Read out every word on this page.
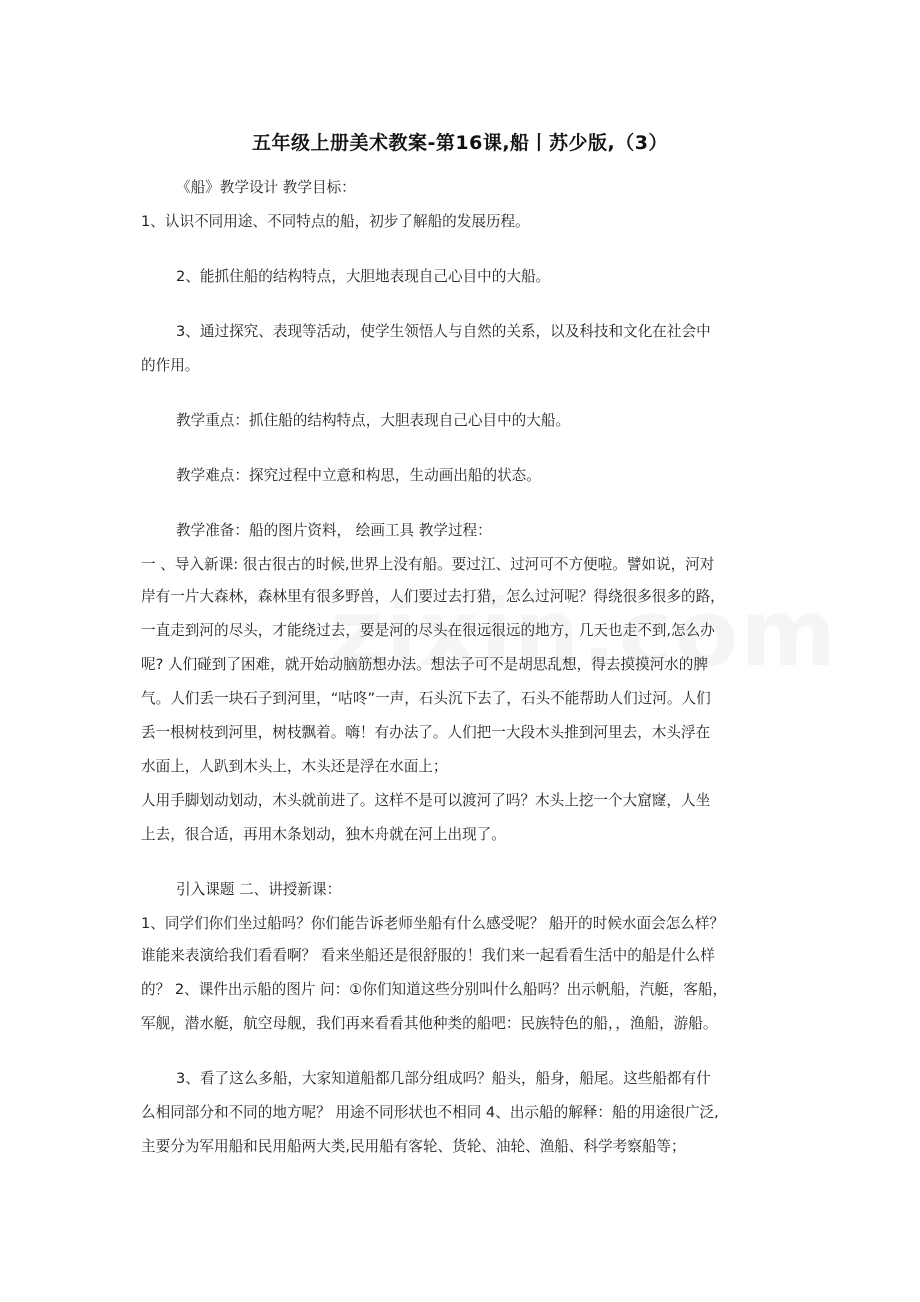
五年级上册美术教案-第16课,船丨苏少版,（3）
《船》教学设计 教学目标：
1、认识不同用途、不同特点的船，初步了解船的发展历程。
2、能抓住船的结构特点，大胆地表现自己心目中的大船。
3、通过探究、表现等活动，使学生领悟人与自然的关系，以及科技和文化在社会中
的作用。
教学重点：抓住船的结构特点，大胆表现自己心目中的大船。
教学难点：探究过程中立意和构思，生动画出船的状态。
教学准备：船的图片资料， 绘画工具 教学过程：
一 、导入新课: 很古很古的时候,世界上没有船。要过江、过河可不方便啦。譬如说，河对
岸有一片大森林，森林里有很多野兽，人们要过去打猎，怎么过河呢？得绕很多很多的路，
一直走到河的尽头，才能绕过去，要是河的尽头在很远很远的地方，几天也走不到,怎么办
呢? 人们碰到了困难，就开始动脑筋想办法。想法子可不是胡思乱想，得去摸摸河水的脾
气。人们丢一块石子到河里，“咕咚”一声，石头沉下去了，石头不能帮助人们过河。人们
丢一根树枝到河里，树枝飘着。嗨！有办法了。人们把一大段木头推到河里去，木头浮在
水面上，人趴到木头上，木头还是浮在水面上；
人用手脚划动划动，木头就前进了。这样不是可以渡河了吗？木头上挖一个大窟窿，人坐
上去，很合适，再用木条划动，独木舟就在河上出现了。
引入课题 二、讲授新课：
1、同学们你们坐过船吗？你们能告诉老师坐船有什么感受呢？ 船开的时候水面会怎么样？
谁能来表演给我们看看啊？ 看来坐船还是很舒服的！我们来一起看看生活中的船是什么样
的？ 2、课件出示船的图片 问：①你们知道这些分别叫什么船吗？出示帆船，汽艇，客船，
军舰，潜水艇，航空母舰，我们再来看看其他种类的船吧：民族特色的船，，渔船，游船。
3、看了这么多船，大家知道船都几部分组成吗？船头，船身，船尾。这些船都有什
么相同部分和不同的地方呢？ 用途不同形状也不相同 4、出示船的解释：船的用途很广泛,
主要分为军用船和民用船两大类,民用船有客轮、货轮、油轮、渔船、科学考察船等；
